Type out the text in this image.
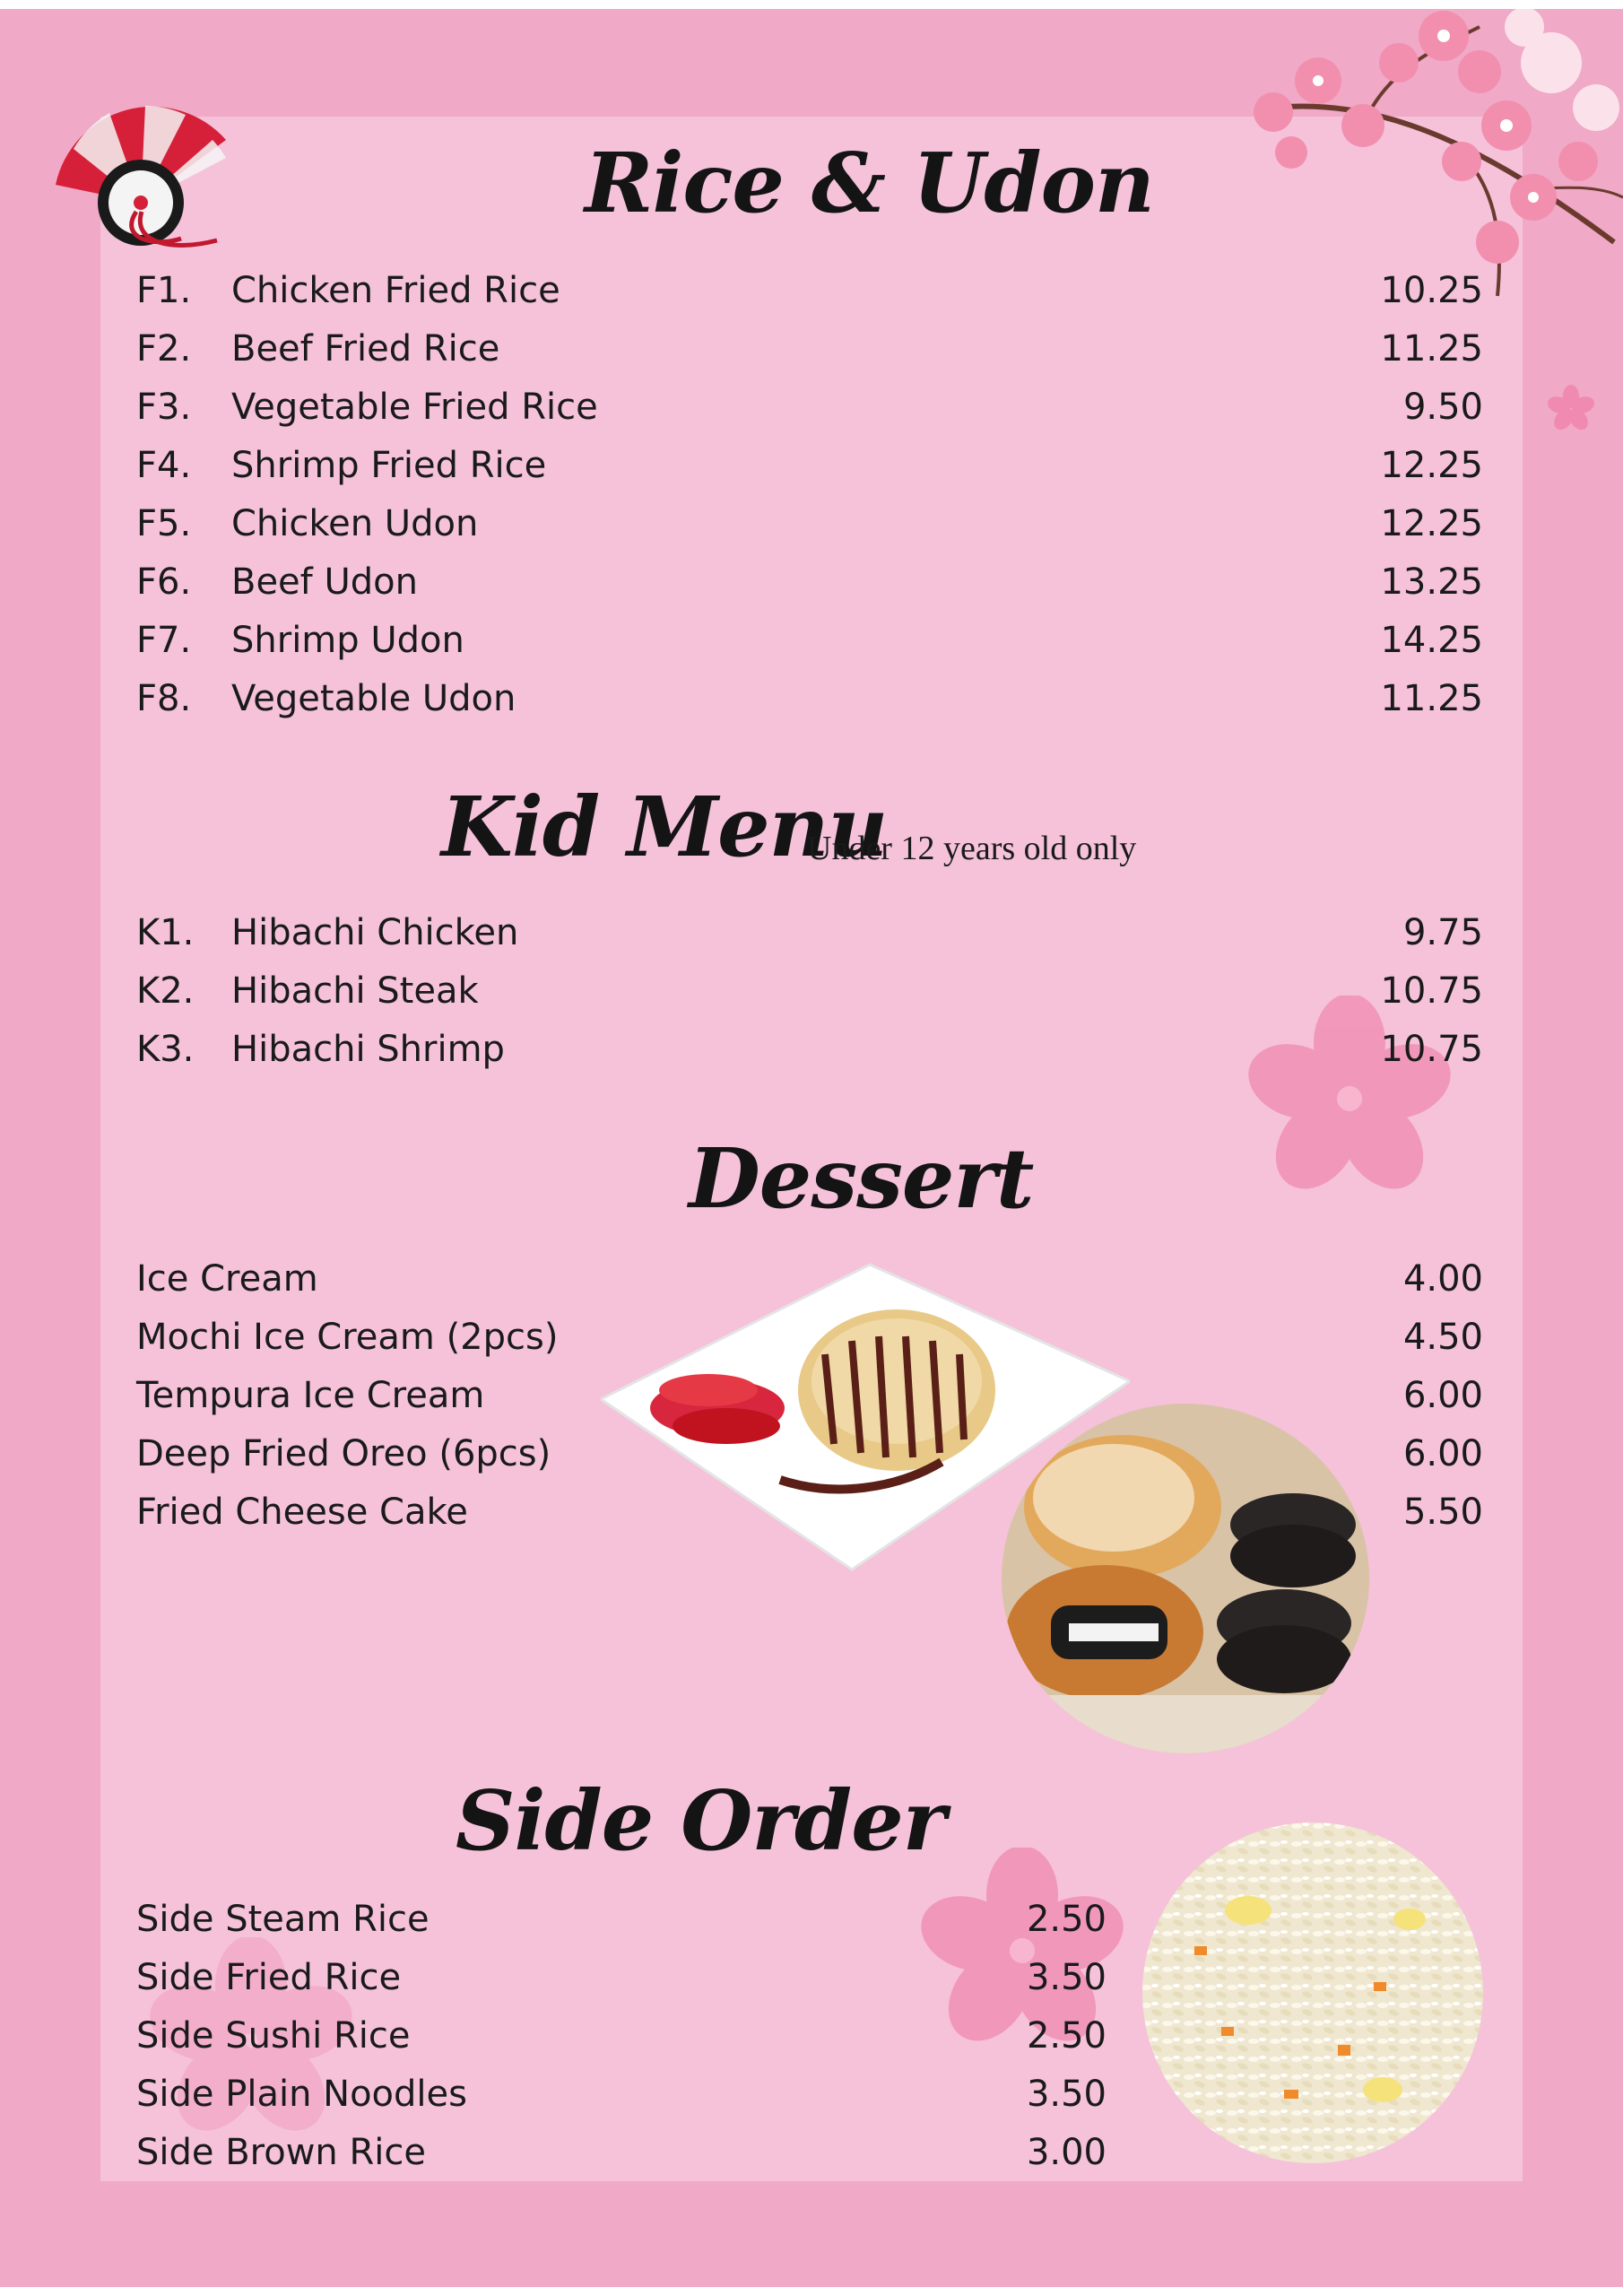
Rice & Udon
F1. Chicken Fried Rice	10.25
F2. Beef Fried Rice	11.25
F3. Vegetable Fried Rice	9.50
F4. Shrimp Fried Rice	12.25
F5. Chicken Udon	12.25
F6. Beef Udon	13.25
F7. Shrimp Udon	14.25
F8. Vegetable Udon	11.25
Kid Menu
Under 12 years old only
K1. Hibachi Chicken	9.75
K2. Hibachi Steak	10.75
K3. Hibachi Shrimp	10.75
Dessert
Ice Cream	4.00
Mochi Ice Cream (2pcs)	4.50
Tempura Ice Cream	6.00
Deep Fried Oreo (6pcs)	6.00
Fried Cheese Cake	5.50
Side Order
Side Steam Rice	2.50
Side Fried Rice	3.50
Side Sushi Rice	2.50
Side Plain Noodles	3.50
Side Brown Rice	3.00
